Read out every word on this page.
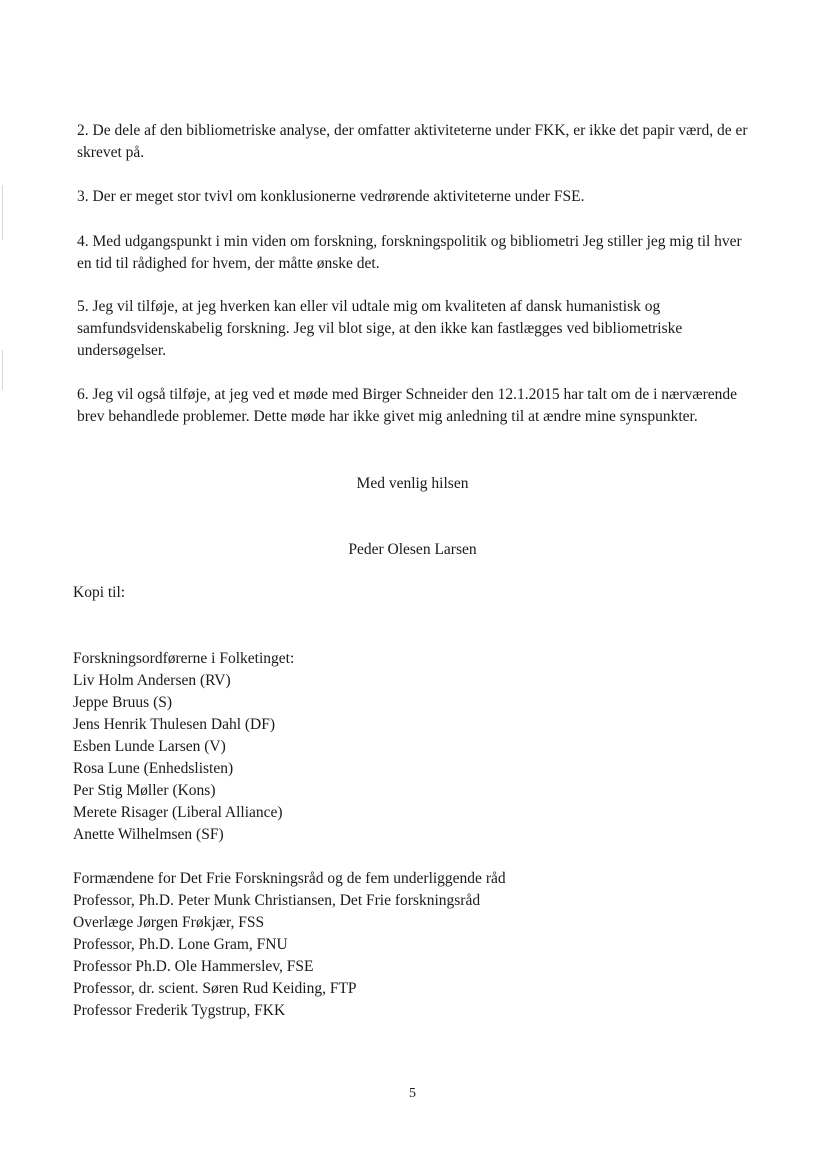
2. De dele af den bibliometriske analyse, der omfatter aktiviteterne under FKK, er ikke det papir værd, de er skrevet på.

3. Der er meget stor tvivl om konklusionerne vedrørende aktiviteterne under FSE.

4. Med udgangspunkt i min viden om forskning, forskningspolitik og bibliometri Jeg stiller jeg mig til hver en tid til rådighed for hvem, der måtte ønske det.

5. Jeg vil tilføje, at jeg hverken kan eller vil udtale mig om kvaliteten af dansk humanistisk og samfundsvidenskabelig forskning. Jeg vil blot sige, at den ikke kan fastlægges ved bibliometriske undersøgelser.

6. Jeg vil også tilføje, at jeg ved et møde med Birger Schneider den 12.1.2015 har talt om de i nærværende brev behandlede problemer. Dette møde har ikke givet mig anledning til at ændre mine synspunkter.

Med venlig hilsen

Peder Olesen Larsen

Kopi til:

Forskningsordførerne i Folketinget:

Liv Holm Andersen (RV)

Jeppe Bruus (S)

Jens Henrik Thulesen Dahl (DF)

Esben Lunde Larsen (V)

Rosa Lune (Enhedslisten)

Per Stig Møller (Kons)

Merete Risager (Liberal Alliance)

Anette Wilhelmsen (SF)

Formændene for Det Frie Forskningsråd og de fem underliggende råd

Professor, Ph.D. Peter Munk Christiansen, Det Frie forskningsråd

Overlæge Jørgen Frøkjær, FSS

Professor, Ph.D. Lone Gram, FNU

Professor Ph.D. Ole Hammerslev, FSE

Professor, dr. scient. Søren Rud Keiding, FTP

Professor Frederik Tygstrup, FKK

5
